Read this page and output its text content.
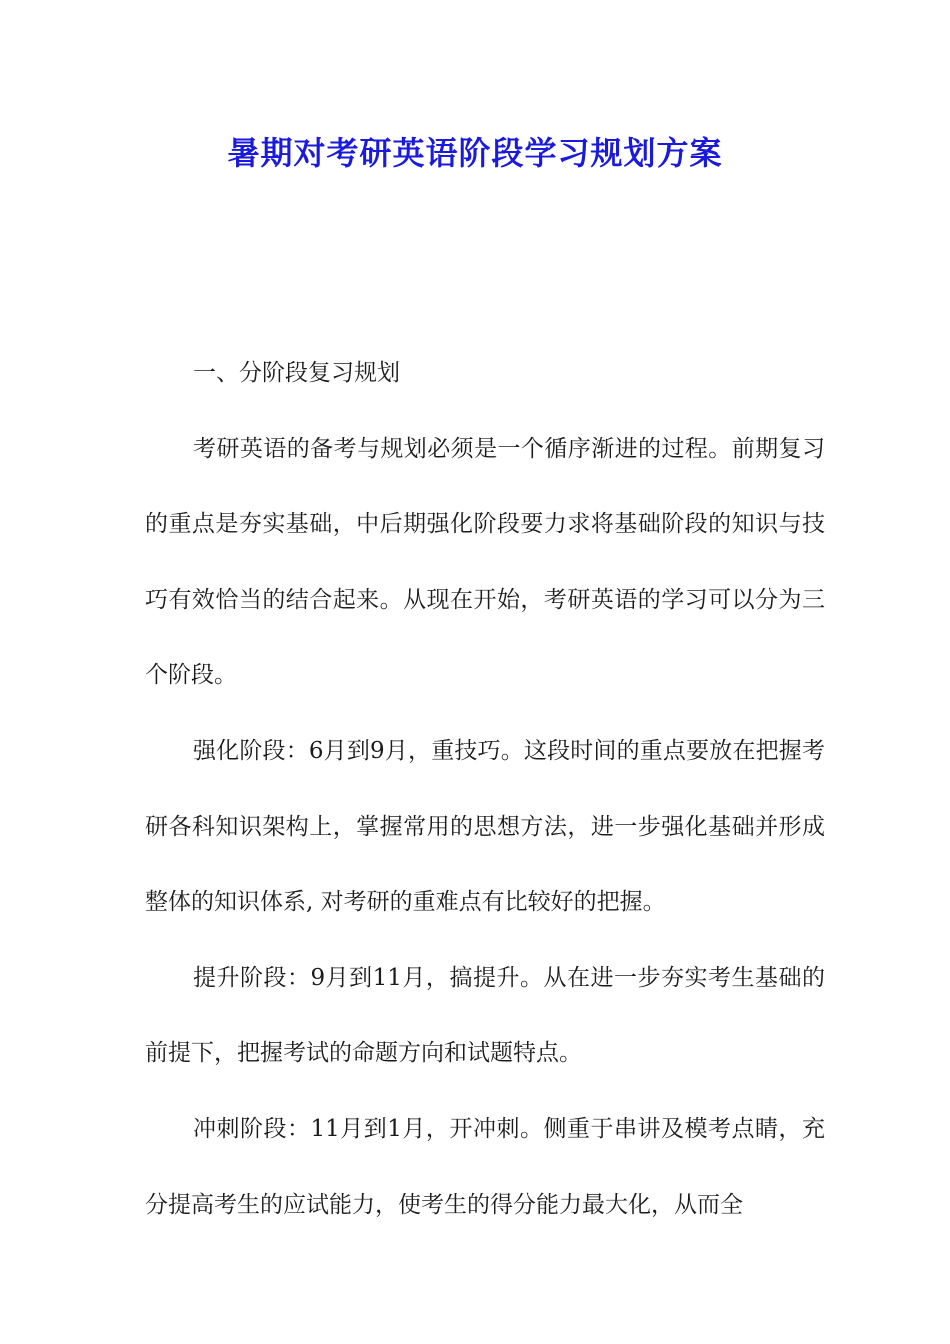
暑期对考研英语阶段学习规划方案

一、分阶段复习规划

考研英语的备考与规划必须是一个循序渐进的过程。前期复习的重点是夯实基础，中后期强化阶段要力求将基础阶段的知识与技巧有效恰当的结合起来。从现在开始，考研英语的学习可以分为三个阶段。

强化阶段：6月到9月，重技巧。这段时间的重点要放在把握考研各科知识架构上，掌握常用的思想方法，进一步强化基础并形成整体的知识体系, 对考研的重难点有比较好的把握。

提升阶段：9月到11月，搞提升。从在进一步夯实考生基础的前提下，把握考试的命题方向和试题特点。

冲刺阶段：11月到1月，开冲刺。侧重于串讲及模考点睛，充分提高考生的应试能力，使考生的得分能力最大化，从而全
